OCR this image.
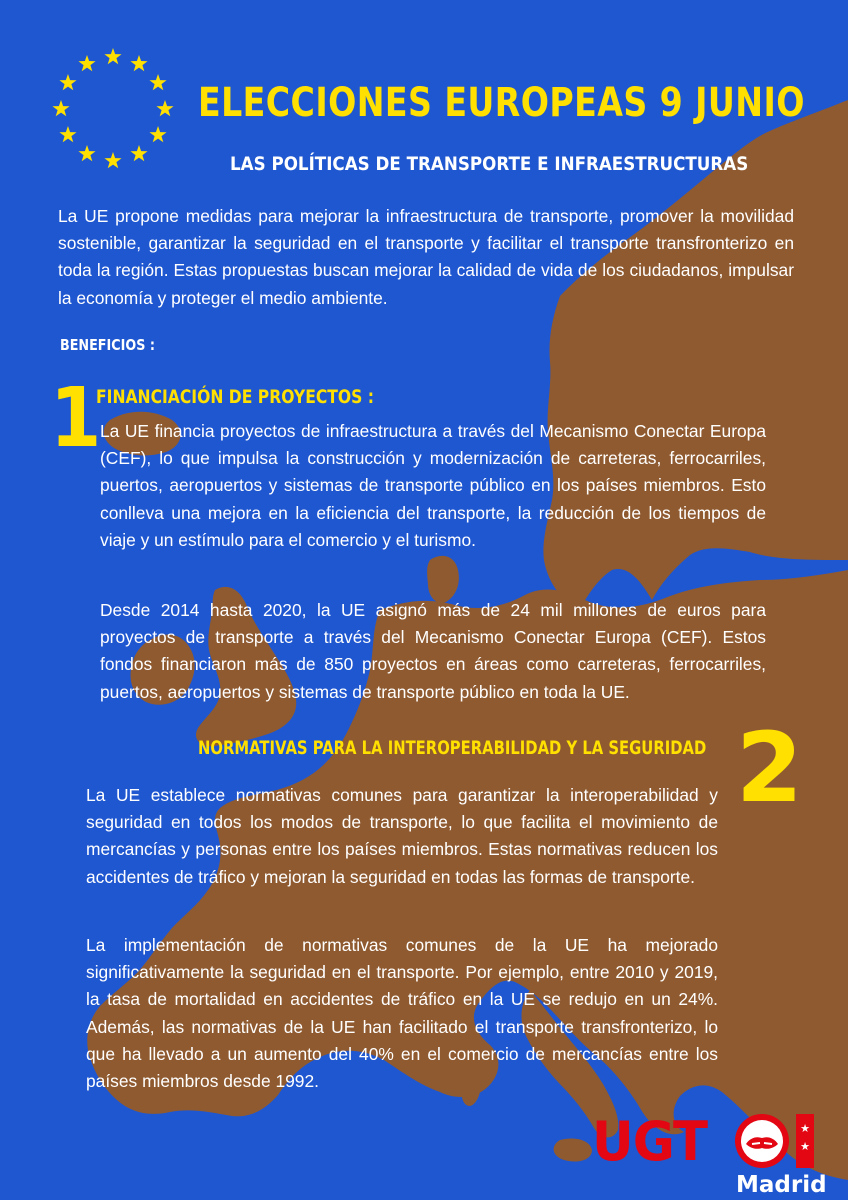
ELECCIONES EUROPEAS 9 JUNIO
LAS POLÍTICAS DE TRANSPORTE E INFRAESTRUCTURAS

La UE propone medidas para mejorar la infraestructura de transporte, promover la movilidad sostenible, garantizar la seguridad en el transporte y facilitar el transporte transfronterizo en toda la región. Estas propuestas buscan mejorar la calidad de vida de los ciudadanos, impulsar la economía y proteger el medio ambiente.

BENEFICIOS :
1
FINANCIACIÓN DE PROYECTOS :

La UE financia proyectos de infraestructura a través del Mecanismo Conectar Europa (CEF), lo que impulsa la construcción y modernización de carreteras, ferrocarriles, puertos, aeropuertos y sistemas de transporte público en los países miembros. Esto conlleva una mejora en la eficiencia del transporte, la reducción de los tiempos de viaje y un estímulo para el comercio y el turismo.

Desde 2014 hasta 2020, la UE asignó más de 24 mil millones de euros para proyectos de transporte a través del Mecanismo Conectar Europa (CEF). Estos fondos financiaron más de 850 proyectos en áreas como carreteras, ferrocarriles, puertos, aeropuertos y sistemas de transporte público en toda la UE.

NORMATIVAS PARA LA INTEROPERABILIDAD Y LA SEGURIDAD 2

La UE establece normativas comunes para garantizar la interoperabilidad y seguridad en todos los modos de transporte, lo que facilita el movimiento de mercancías y personas entre los países miembros. Estas normativas reducen los accidentes de tráfico y mejoran la seguridad en todas las formas de transporte.

La implementación de normativas comunes de la UE ha mejorado significativamente la seguridad en el transporte. Por ejemplo, entre 2010 y 2019, la tasa de mortalidad en accidentes de tráfico en la UE se redujo en un 24%. Además, las normativas de la UE han facilitado el transporte transfronterizo, lo que ha llevado a un aumento del 40% en el comercio de mercancías entre los países miembros desde 1992.

UGT	★
★
Madrid
